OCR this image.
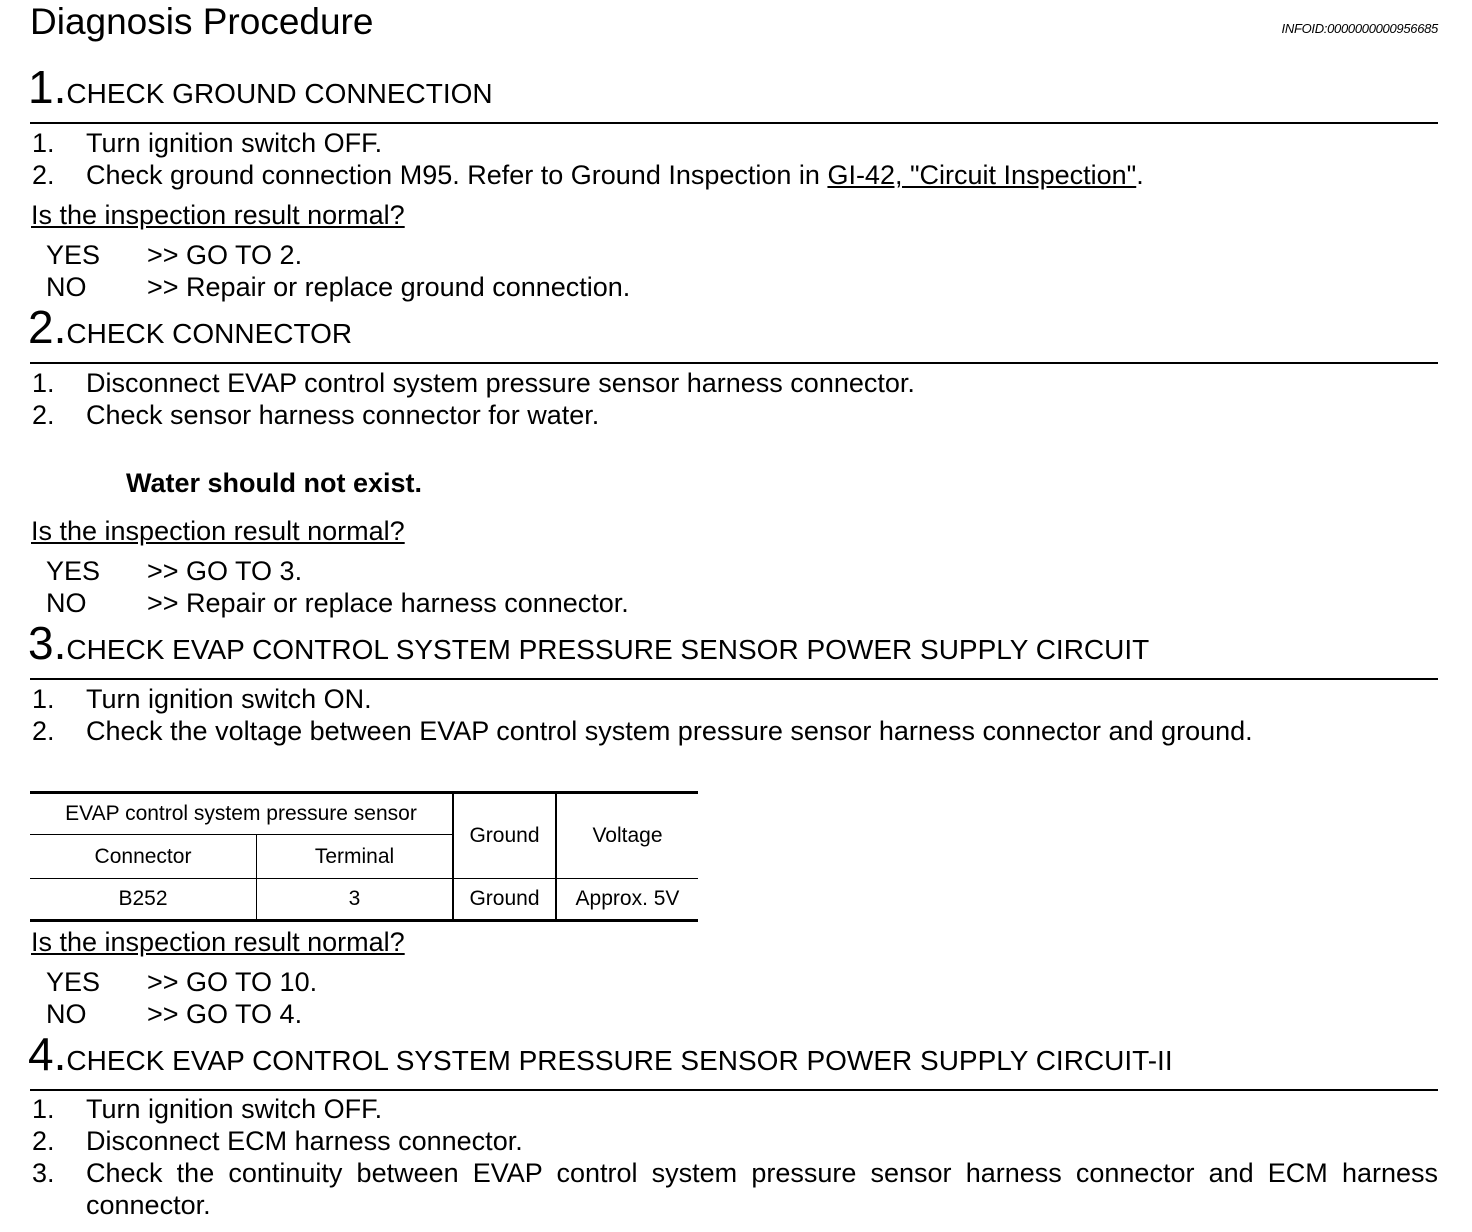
Diagnosis Procedure	INFOID:0000000000956685
1.CHECK GROUND CONNECTION
1. Turn ignition switch OFF.
2. Check ground connection M95. Refer to Ground Inspection in GI-42, "Circuit Inspection".
Is the inspection result normal?
YES >> GO TO 2.
NO >> Repair or replace ground connection.
2.CHECK CONNECTOR
1. Disconnect EVAP control system pressure sensor harness connector.
2. Check sensor harness connector for water.
Water should not exist.
Is the inspection result normal?
YES >> GO TO 3.
NO >> Repair or replace harness connector.
3.CHECK EVAP CONTROL SYSTEM PRESSURE SENSOR POWER SUPPLY CIRCUIT
1. Turn ignition switch ON.
2. Check the voltage between EVAP control system pressure sensor harness connector and ground.
EVAP control system pressure sensor		Ground	Voltage
Connector	Terminal		
B252	3	Ground	Approx. 5V
Is the inspection result normal?
YES >> GO TO 10.
NO >> GO TO 4.
4.CHECK EVAP CONTROL SYSTEM PRESSURE SENSOR POWER SUPPLY CIRCUIT-II
1. Turn ignition switch OFF.
2. Disconnect ECM harness connector.
3. Check the continuity between EVAP control system pressure sensor harness connector and ECM harness connector.
